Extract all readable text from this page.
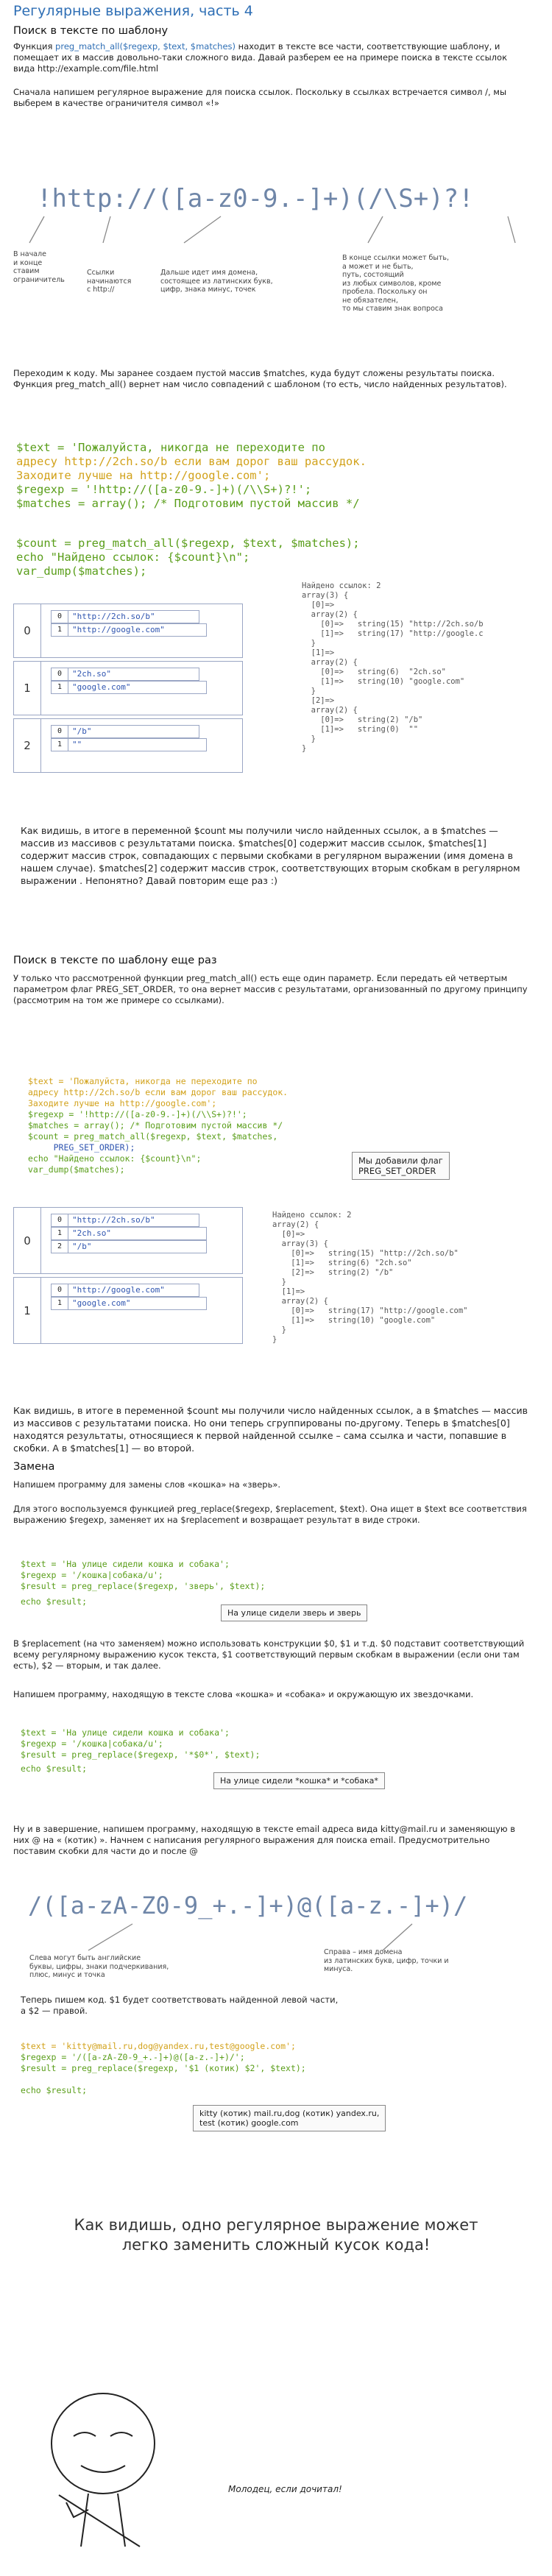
Регулярные выражения, часть 4
Поиск в тексте по шаблону
Функция preg_match_all($regexp, $text, $matches) находит в тексте все части, соответствующие шаблону, и помещает их в массив довольно-таки сложного вида. Давай разберем ее на примере поиска в тексте ссылок вида http://example.com/file.html
Сначала напишем регулярное выражение для поиска ссылок. Поскольку в ссылках встречается символ /, мы выберем в качестве ограничителя символ «!»
!http://([a-z0-9.-]+)(/\S+)?!
В начале
и конце
ставим
ограничитель
Ссылки
начинаются
с http://
Дальше идет имя домена,
состоящее из латинских букв,
цифр, знака минус, точек
В конце ссылки может быть,
а может и не быть,
путь, состоящий
из любых символов, кроме
пробела. Поскольку он
не обязателен,
то мы ставим знак вопроса
Переходим к коду. Мы заранее создаем пустой массив $matches, куда будут сложены результаты поиска. Функция preg_match_all() вернет нам число совпадений с шаблоном (то есть, число найденных результатов).

$text = 'Пожалуйста, никогда не переходите по
адресу http://2ch.so/b если вам дорог ваш рассудок.
Заходите лучше на http://google.com';
$regexp = '!http://([a-z0-9.-]+)(/\\S+)?!';
$matches = array(); /* Подготовим пустой массив */

$count = preg_match_all($regexp, $text, $matches);
echo "Найдено ссылок: {$count}\n";
var_dump($matches);

0
0	"http://2ch.so/b"
1	"http://google.com"
1
0	"2ch.so"
1	"google.com"
2
0	"/b"
1	""
Найдено ссылок: 2
array(3) {
[0]=>
array(2) {
[0]=>   string(15) "http://2ch.so/b
[1]=>   string(17) "http://google.c
}
[1]=>
array(2) {
[0]=>   string(6)  "2ch.so"
[1]=>   string(10) "google.com"
}
[2]=>
array(2) {
[0]=>   string(2) "/b"
[1]=>   string(0)  ""
}
}
Как видишь, в итоге в переменной $count мы получили число найденных ссылок, а в $matches — массив из массивов с результатами поиска. $matches[0] содержит массив ссылок, $matches[1] содержит массив строк, совпадающих с первыми скобками в регулярном выражении (имя домена в нашем случае). $matches[2] содержит массив строк, соответствующих вторым скобкам в регулярном выражении . Непонятно? Давай повторим еще раз :)
Поиск в тексте по шаблону еще раз
У только что рассмотренной функции preg_match_all() есть еще один параметр. Если передать ей четвертым параметром флаг PREG_SET_ORDER, то она вернет массив с результатами, организованный по другому принципу (рассмотрим на том же примере со ссылками).

$text = 'Пожалуйста, никогда не переходите по
адресу http://2ch.so/b если вам дорог ваш рассудок.
Заходите лучше на http://google.com';
$regexp = '!http://([a-z0-9.-]+)(/\\S+)?!';
$matches = array(); /* Подготовим пустой массив */
$count = preg_match_all($regexp, $text, $matches,
PREG_SET_ORDER);
echo "Найдено ссылок: {$count}\n";
var_dump($matches);

Мы добавили флаг
PREG_SET_ORDER
0
0	"http://2ch.so/b"
1	"2ch.so"
2	"/b"
1
0	"http://google.com"
1	"google.com"
Найдено ссылок: 2
array(2) {
[0]=>
array(3) {
[0]=>   string(15) "http://2ch.so/b"
[1]=>   string(6) "2ch.so"
[2]=>   string(2) "/b"
}
[1]=>
array(2) {
[0]=>   string(17) "http://google.com"
[1]=>   string(10) "google.com"
}
}
Как видишь, в итоге в переменной $count мы получили число найденных ссылок, а в $matches — массив из массивов с результатами поиска. Но они теперь сгруппированы по-другому. Теперь в $matches[0] находятся результаты, относящиеся к первой найденной ссылке – сама ссылка и части, попавшие в скобки. А в $matches[1] — во второй.
Замена
Напишем программу для замены слов «кошка» на «зверь».
Для этого воспользуемся функцией preg_replace($regexp, $replacement, $text). Она ищет в $text все соответствия выражению $regexp, заменяет их на $replacement и возвращает результат в виде строки.

$text = 'На улице сидели кошка и собака';
$regexp = '/кошка|собака/u';
$result = preg_replace($regexp, 'зверь', $text);

echo $result;
На улице сидели зверь и зверь
В $replacement (на что заменяем) можно использовать конструкции $0, $1 и т.д. $0 подставит соответствующий всему регулярному выражению кусок текста, $1 соответствующий первым скобкам в выражении (если они там есть), $2 — вторым, и так далее.
Напишем программу, находящую в тексте слова «кошка» и «собака» и окружающую их звездочками.

$text = 'На улице сидели кошка и собака';
$regexp = '/кошка|собака/u';
$result = preg_replace($regexp, '*$0*', $text);

echo $result;
На улице сидели *кошка* и *собака*
Ну и в завершение, напишем программу, находящую в тексте email адреса вида kitty@mail.ru и заменяющую в них @ на « (котик) ». Начнем с написания регулярного выражения для поиска email. Предусмотрительно поставим скобки для части до и после @
/([a-zA-Z0-9_+.-]+)@([a-z.-]+)/
Слева могут быть английские
буквы, цифры, знаки подчеркивания,
плюс, минус и точка
Справа – имя домена
из латинских букв, цифр, точки и
минуса.
Теперь пишем код. $1 будет соответствовать найденной левой части,
а $2 — правой.

$text = 'kitty@mail.ru,dog@yandex.ru,test@google.com';
$regexp = '/([a-zA-Z0-9_+.-]+)@([a-z.-]+)/';
$result = preg_replace($regexp, '$1 (котик) $2', $text);

echo $result;
kitty (котик) mail.ru,dog (котик) yandex.ru,
test (котик) google.com
Как видишь, одно регулярное выражение может
легко заменить сложный кусок кода!
Молодец, если дочитал!
